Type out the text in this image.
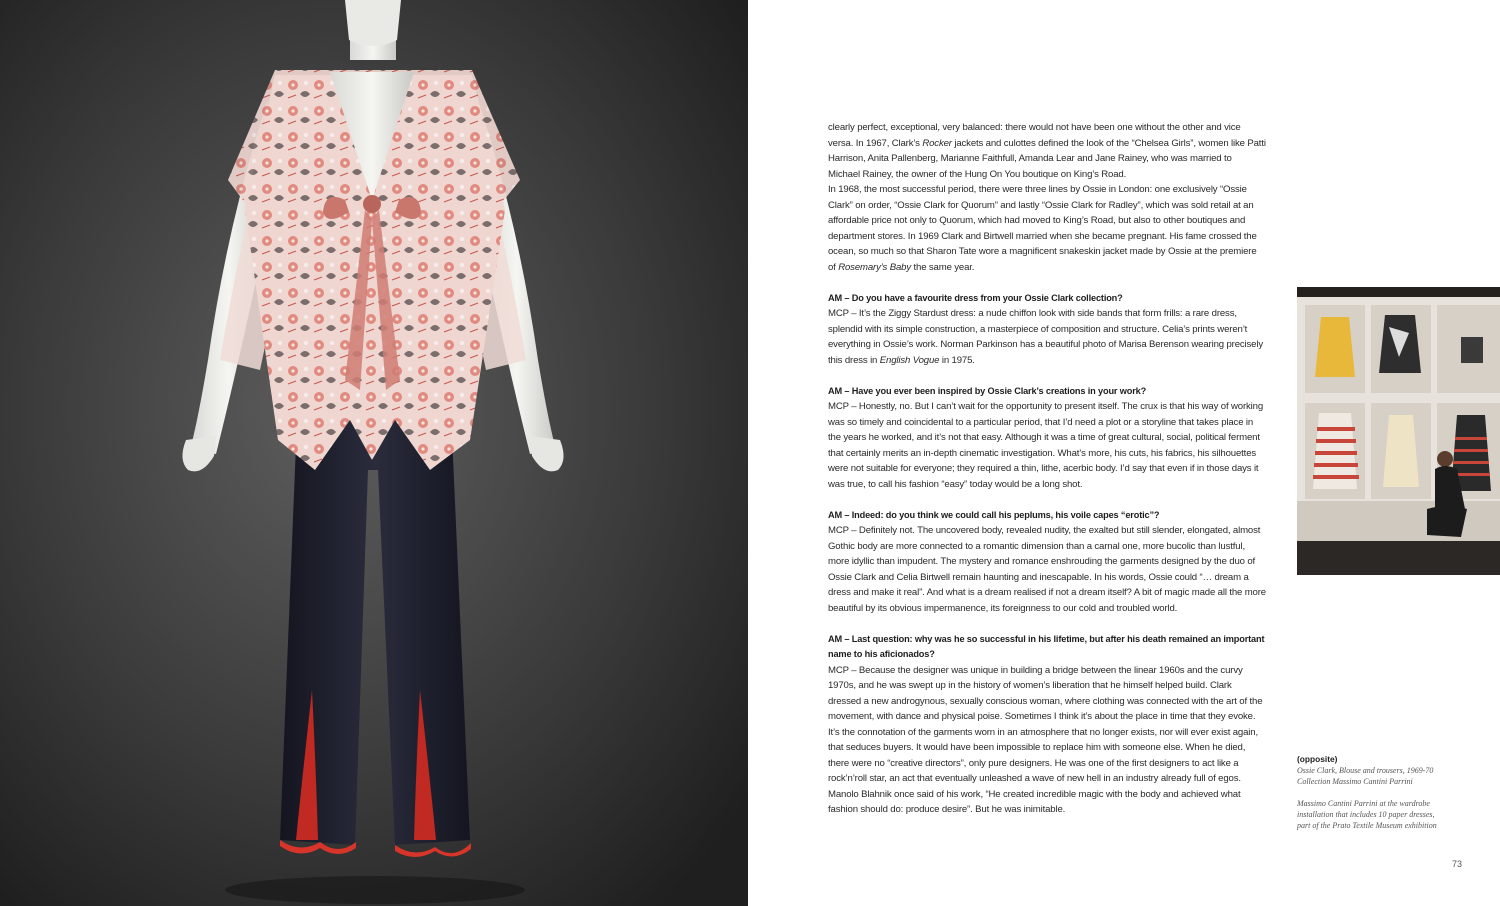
clearly perfect, exceptional, very balanced: there would not have been one without the other and vice versa. In 1967, Clark’s Rocker jackets and culottes defined the look of the “Chelsea Girls”, women like Patti Harrison, Anita Pallenberg, Marianne Faithfull, Amanda Lear and Jane Rainey, who was married to Michael Rainey, the owner of the Hung On You boutique on King’s Road.

In 1968, the most successful period, there were three lines by Ossie in London: one exclusively “Ossie Clark” on order, “Ossie Clark for Quorum” and lastly “Ossie Clark for Radley”, which was sold retail at an affordable price not only to Quorum, which had moved to King’s Road, but also to other boutiques and department stores. In 1969 Clark and Birtwell married when she became pregnant. His fame crossed the ocean, so much so that Sharon Tate wore a magnificent snakeskin jacket made by Ossie at the premiere of Rosemary’s Baby the same year.

AM – Do you have a favourite dress from your Ossie Clark collection?

MCP – It’s the Ziggy Stardust dress: a nude chiffon look with side bands that form frills: a rare dress, splendid with its simple construction, a masterpiece of composition and structure. Celia’s prints weren’t everything in Ossie’s work. Norman Parkinson has a beautiful photo of Marisa Berenson wearing precisely this dress in English Vogue in 1975.

AM – Have you ever been inspired by Ossie Clark’s creations in your work?

MCP – Honestly, no. But I can’t wait for the opportunity to present itself. The crux is that his way of working was so timely and coincidental to a particular period, that I’d need a plot or a storyline that takes place in the years he worked, and it’s not that easy. Although it was a time of great cultural, social, political ferment that certainly merits an in-depth cinematic investigation. What’s more, his cuts, his fabrics, his silhouettes were not suitable for everyone; they required a thin, lithe, acerbic body. I’d say that even if in those days it was true, to call his fashion “easy” today would be a long shot.

AM – Indeed: do you think we could call his peplums, his voile capes “erotic”?

MCP – Definitely not. The uncovered body, revealed nudity, the exalted but still slender, elongated, almost Gothic body are more connected to a romantic dimension than a carnal one, more bucolic than lustful, more idyllic than impudent. The mystery and romance enshrouding the garments designed by the duo of Ossie Clark and Celia Birtwell remain haunting and inescapable. In his words, Ossie could “… dream a dress and make it real”. And what is a dream realised if not a dream itself? A bit of magic made all the more beautiful by its obvious impermanence, its foreignness to our cold and troubled world.

AM – Last question: why was he so successful in his lifetime, but after his death remained an important name to his aficionados?

MCP – Because the designer was unique in building a bridge between the linear 1960s and the curvy 1970s, and he was swept up in the history of women’s liberation that he himself helped build. Clark dressed a new androgynous, sexually conscious woman, where clothing was connected with the art of the movement, with dance and physical poise. Sometimes I think it’s about the place in time that they evoke. It’s the connotation of the garments worn in an atmosphere that no longer exists, nor will ever exist again, that seduces buyers. It would have been impossible to replace him with someone else. When he died, there were no “creative directors”, only pure designers. He was one of the first designers to act like a rock’n’roll star, an act that eventually unleashed a wave of new hell in an industry already full of egos. Manolo Blahnik once said of his work, “He created incredible magic with the body and achieved what fashion should do: produce desire”. But he was inimitable.

(opposite)
Ossie Clark, Blouse and trousers, 1969-70
Collection Massimo Cantini Parrini
Massimo Cantini Parrini at the wardrobe
installation that includes 10 paper dresses,
part of the Prato Textile Museum exhibition
73
